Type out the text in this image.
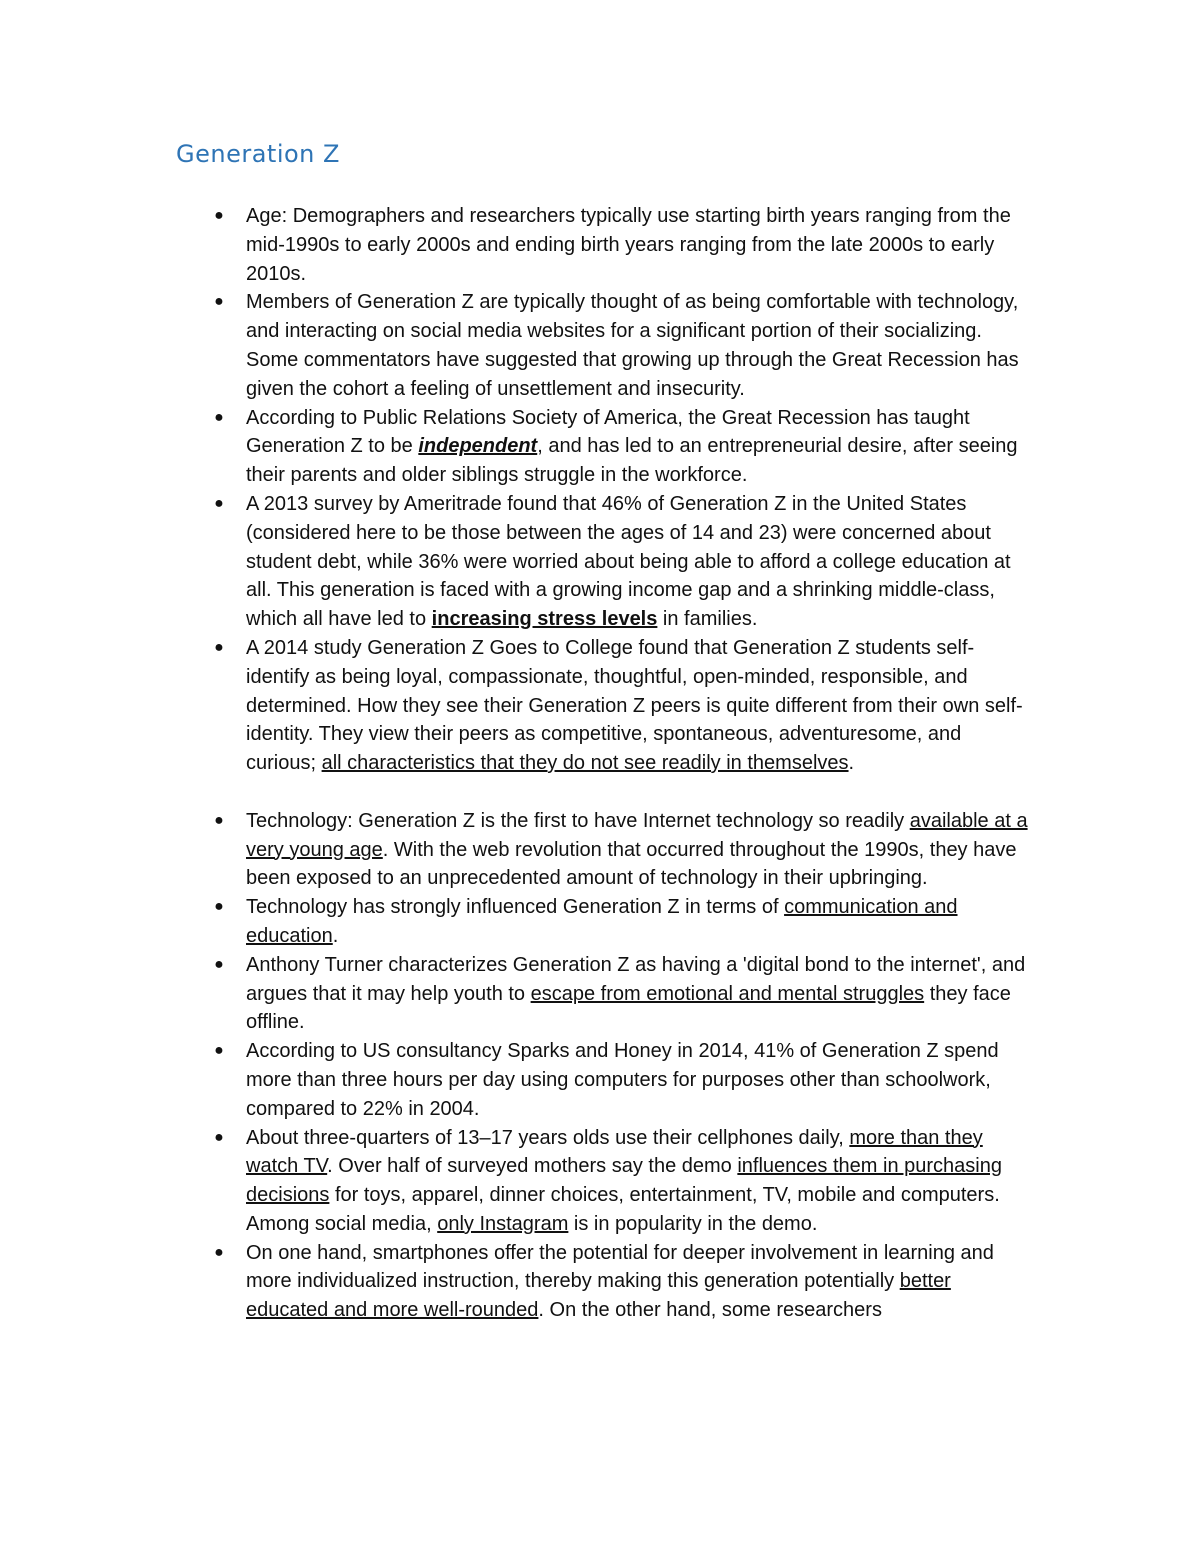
Generation Z
● Age: Demographers and researchers typically use starting birth years ranging from the mid-1990s to early 2000s and ending birth years ranging from the late 2000s to early 2010s.
● Members of Generation Z are typically thought of as being comfortable with technology, and interacting on social media websites for a significant portion of their socializing.
Some commentators have suggested that growing up through the Great Recession has given the cohort a feeling of unsettlement and insecurity.
● According to Public Relations Society of America, the Great Recession has taught Generation Z to be independent, and has led to an entrepreneurial desire, after seeing their parents and older siblings struggle in the workforce.
● A 2013 survey by Ameritrade found that 46% of Generation Z in the United States (considered here to be those between the ages of 14 and 23) were concerned about student debt, while 36% were worried about being able to afford a college education at all. This generation is faced with a growing income gap and a shrinking middle-class, which all have led to increasing stress levels in families.
● A 2014 study Generation Z Goes to College found that Generation Z students self-identify as being loyal, compassionate, thoughtful, open-minded, responsible, and determined. How they see their Generation Z peers is quite different from their own self-identity. They view their peers as competitive, spontaneous, adventuresome, and curious; all characteristics that they do not see readily in themselves.
● Technology: Generation Z is the first to have Internet technology so readily available at a very young age. With the web revolution that occurred throughout the 1990s, they have been exposed to an unprecedented amount of technology in their upbringing.
● Technology has strongly influenced Generation Z in terms of communication and education.
● Anthony Turner characterizes Generation Z as having a 'digital bond to the internet', and argues that it may help youth to escape from emotional and mental struggles they face offline.
● According to US consultancy Sparks and Honey in 2014, 41% of Generation Z spend more than three hours per day using computers for purposes other than schoolwork, compared to 22% in 2004.
● About three-quarters of 13–17 years olds use their cellphones daily, more than they watch TV. Over half of surveyed mothers say the demo influences them in purchasing decisions for toys, apparel, dinner choices, entertainment, TV, mobile and computers. Among social media, only Instagram is in popularity in the demo.
● On one hand, smartphones offer the potential for deeper involvement in learning and more individualized instruction, thereby making this generation potentially better educated and more well-rounded. On the other hand, some researchers
